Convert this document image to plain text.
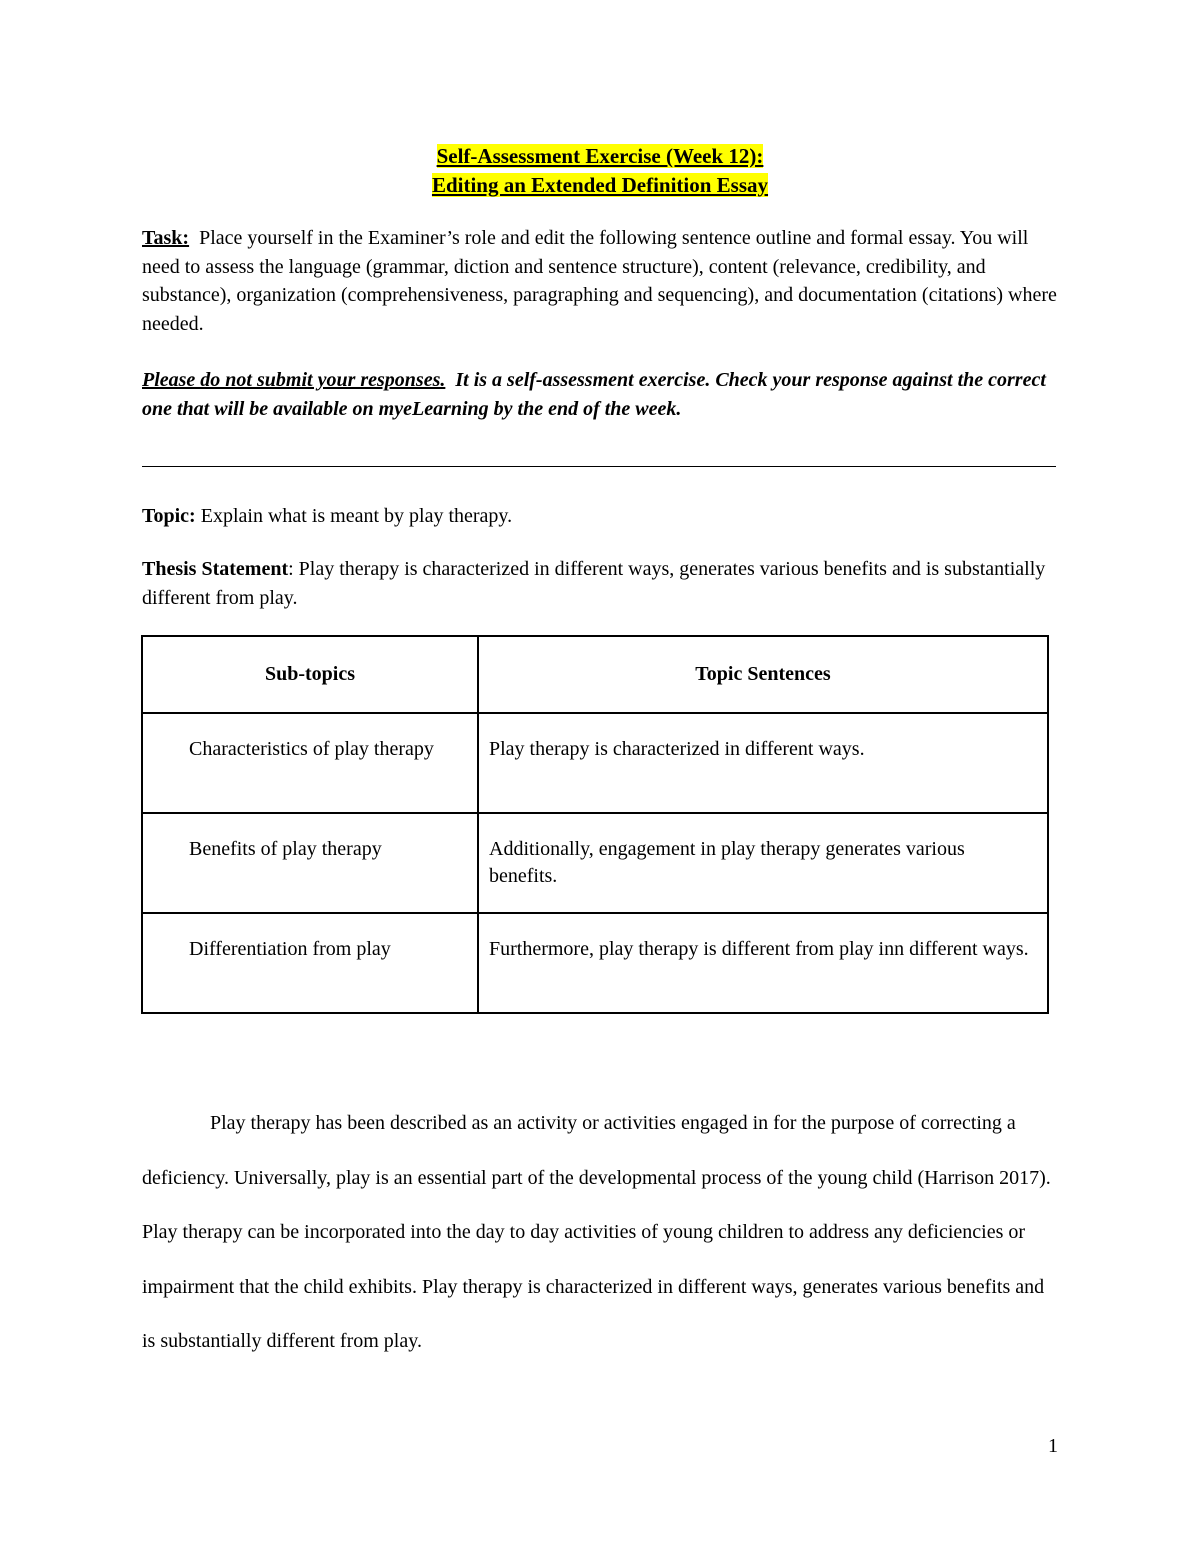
Self-Assessment Exercise (Week 12):
Editing an Extended Definition Essay
Task: Place yourself in the Examiner’s role and edit the following sentence outline and formal essay. You will need to assess the language (grammar, diction and sentence structure), content (relevance, credibility, and substance), organization (comprehensiveness, paragraphing and sequencing), and documentation (citations) where needed.
Please do not submit your responses. It is a self-assessment exercise. Check your response against the correct one that will be available on myeLearning by the end of the week.
Topic: Explain what is meant by play therapy.
Thesis Statement: Play therapy is characterized in different ways, generates various benefits and is substantially different from play.
Sub-topics	Topic Sentences
Characteristics of play therapy	Play therapy is characterized in different ways.
Benefits of play therapy	Additionally, engagement in play therapy generates various benefits.
Differentiation from play	Furthermore, play therapy is different from play inn different ways.

Play therapy has been described as an activity or activities engaged in for the purpose of correcting a deficiency. Universally, play is an essential part of the developmental process of the young child (Harrison 2017). Play therapy can be incorporated into the day to day activities of young children to address any deficiencies or impairment that the child exhibits. Play therapy is characterized in different ways, generates various benefits and is substantially different from play.

1
